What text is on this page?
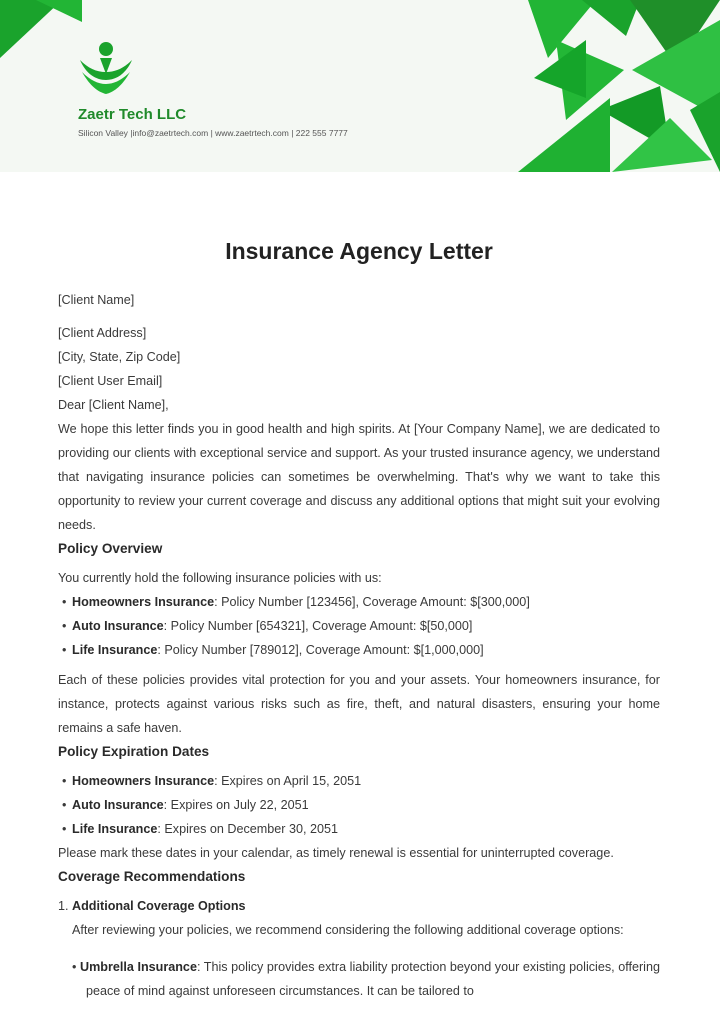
Zaetr Tech LLC
Silicon Valley |info@zaetrtech.com | www.zaetrtech.com | 222 555 7777
Insurance Agency Letter

[Client Name]

[Client Address]

[City, State, Zip Code]

[Client User Email]

Dear [Client Name],

We hope this letter finds you in good health and high spirits. At [Your Company Name], we are dedicated to providing our clients with exceptional service and support. As your trusted insurance agency, we understand that navigating insurance policies can sometimes be overwhelming. That's why we want to take this opportunity to review your current coverage and discuss any additional options that might suit your evolving needs.

Policy Overview

You currently hold the following insurance policies with us:

• Homeowners Insurance: Policy Number [123456], Coverage Amount: $[300,000]
• Auto Insurance: Policy Number [654321], Coverage Amount: $[50,000]
• Life Insurance: Policy Number [789012], Coverage Amount: $[1,000,000]

Each of these policies provides vital protection for you and your assets. Your homeowners insurance, for instance, protects against various risks such as fire, theft, and natural disasters, ensuring your home remains a safe haven.

Policy Expiration Dates
• Homeowners Insurance: Expires on April 15, 2051
• Auto Insurance: Expires on July 22, 2051
• Life Insurance: Expires on December 30, 2051

Please mark these dates in your calendar, as timely renewal is essential for uninterrupted coverage.

Coverage Recommendations

1. Additional Coverage Options

After reviewing your policies, we recommend considering the following additional coverage options:

• Umbrella Insurance: This policy provides extra liability protection beyond your existing policies, offering peace of mind against unforeseen circumstances. It can be tailored to
